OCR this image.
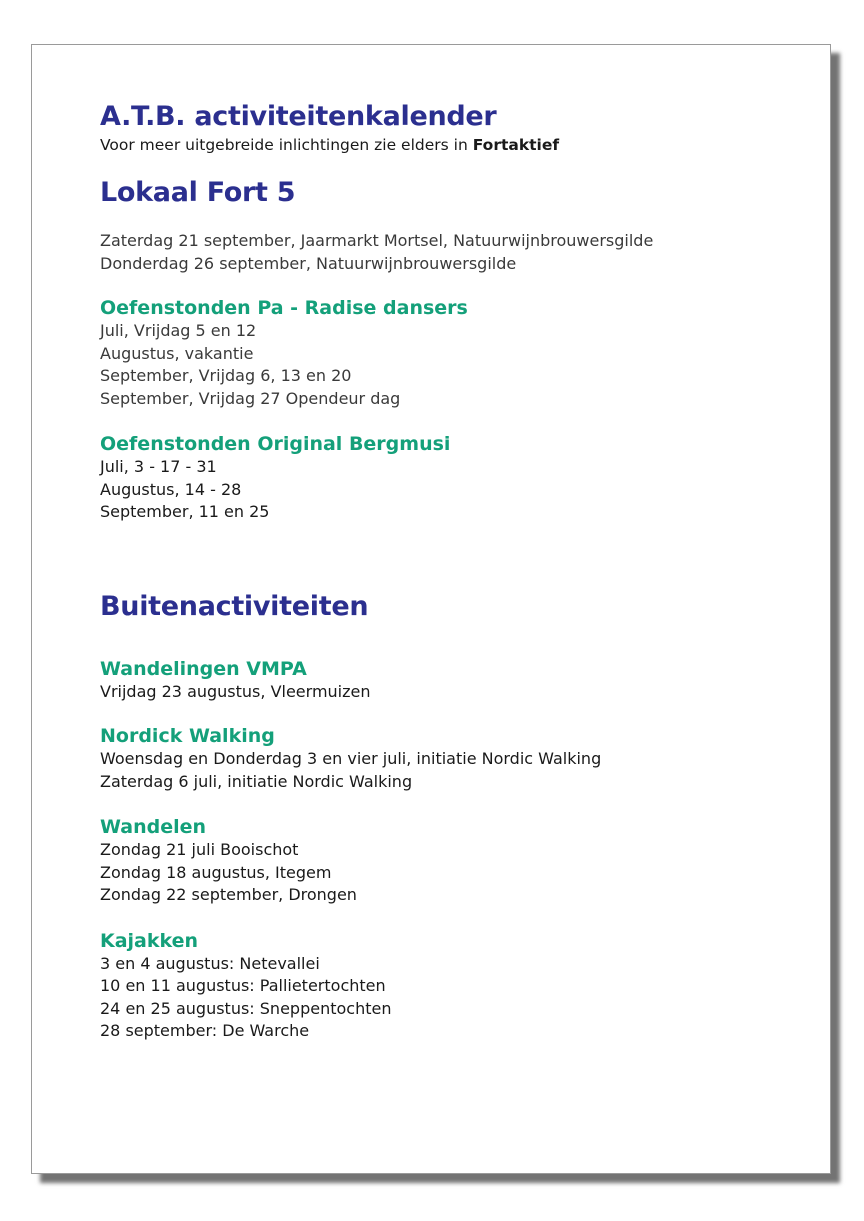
A.T.B. activiteitenkalender

Voor meer uitgebreide inlichtingen zie elders in Fortaktief

Lokaal Fort 5
Zaterdag 21 september, Jaarmarkt Mortsel, Natuurwijnbrouwersgilde
Donderdag 26 september, Natuurwijnbrouwersgilde
Oefenstonden Pa - Radise dansers
Juli, Vrijdag 5 en 12
Augustus, vakantie
September, Vrijdag 6, 13 en 20
September, Vrijdag 27 Opendeur dag
Oefenstonden Original Bergmusi
Juli, 3 - 17 - 31
Augustus, 14 - 28
September, 11 en 25
Buitenactiviteiten
Wandelingen VMPA
Vrijdag 23 augustus, Vleermuizen
Nordick Walking
Woensdag en Donderdag 3 en vier juli, initiatie Nordic Walking
Zaterdag 6 juli, initiatie Nordic Walking
Wandelen
Zondag 21 juli Booischot
Zondag 18 augustus, Itegem
Zondag 22 september, Drongen
Kajakken
3 en 4 augustus: Netevallei
10 en 11 augustus: Pallietertochten
24 en 25 augustus: Sneppentochten
28 september: De Warche
